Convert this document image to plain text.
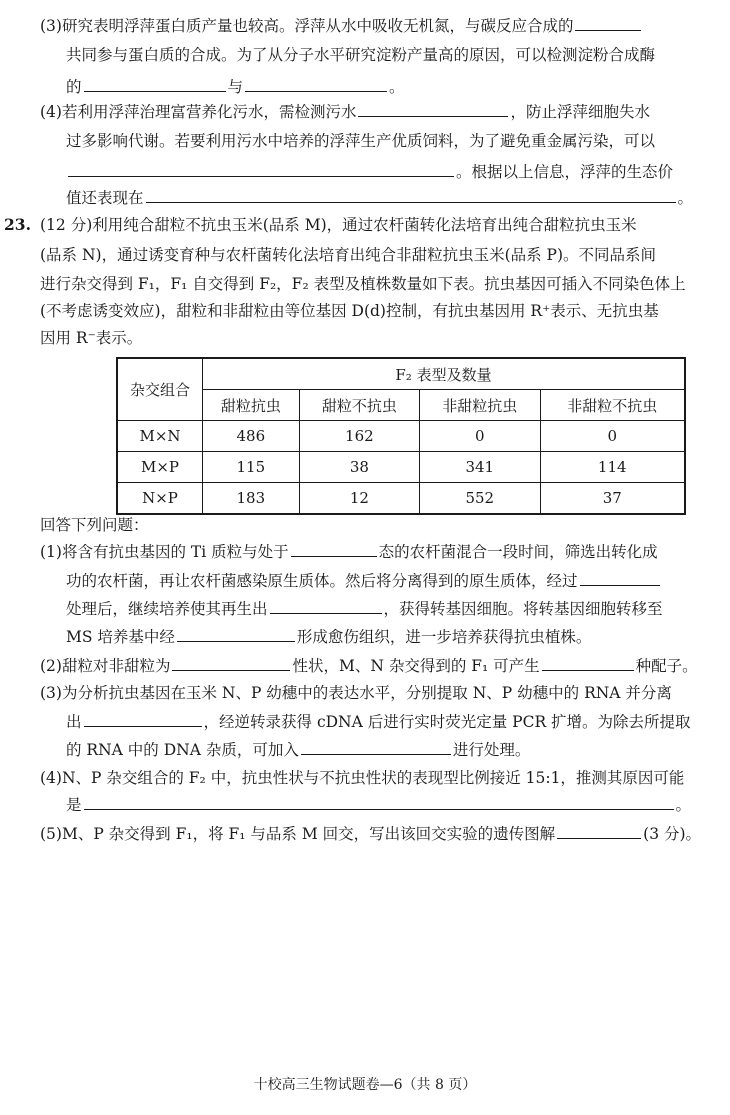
(3)研究表明浮萍蛋白质产量也较高。浮萍从水中吸收无机氮，与碳反应合成的
共同参与蛋白质的合成。为了从分子水平研究淀粉产量高的原因，可以检测淀粉合成酶
的	与	。
(4)若利用浮萍治理富营养化污水，需检测污水	，防止浮萍细胞失水
过多影响代谢。若要利用污水中培养的浮萍生产优质饲料，为了避免重金属污染，可以
。根据以上信息，浮萍的生态价
值还表现在	。
23. (12 分)利用纯合甜粒不抗虫玉米(品系 M)，通过农杆菌转化法培育出纯合甜粒抗虫玉米
(品系 N)，通过诱变育种与农杆菌转化法培育出纯合非甜粒抗虫玉米(品系 P)。不同品系间
进行杂交得到 F₁，F₁ 自交得到 F₂，F₂ 表型及植株数量如下表。抗虫基因可插入不同染色体上
(不考虑诱变效应)，甜粒和非甜粒由等位基因 D(d)控制，有抗虫基因用 R⁺表示、无抗虫基
因用 R⁻表示。
杂交组合	F₂ 表型及数量			
	甜粒抗虫	甜粒不抗虫	非甜粒抗虫	非甜粒不抗虫
M×N	486	162	0	0
M×P	115	38	341	114
N×P	183	12	552	37
回答下列问题：
(1)将含有抗虫基因的 Ti 质粒与处于	态的农杆菌混合一段时间，筛选出转化成
功的农杆菌，再让农杆菌感染原生质体。然后将分离得到的原生质体，经过
处理后，继续培养使其再生出	，获得转基因细胞。将转基因细胞转移至
MS 培养基中经	形成愈伤组织，进一步培养获得抗虫植株。
(2)甜粒对非甜粒为	性状，M、N 杂交得到的 F₁ 可产生	种配子。
(3)为分析抗虫基因在玉米 N、P 幼穗中的表达水平，分别提取 N、P 幼穗中的 RNA 并分离
出	，经逆转录获得 cDNA 后进行实时荧光定量 PCR 扩增。为除去所提取
的 RNA 中的 DNA 杂质，可加入	进行处理。
(4)N、P 杂交组合的 F₂ 中，抗虫性状与不抗虫性状的表现型比例接近 15:1，推测其原因可能
是	。
(5)M、P 杂交得到 F₁，将 F₁ 与品系 M 回交，写出该回交实验的遗传图解	(3 分)。
十校高三生物试题卷—6（共 8 页）
